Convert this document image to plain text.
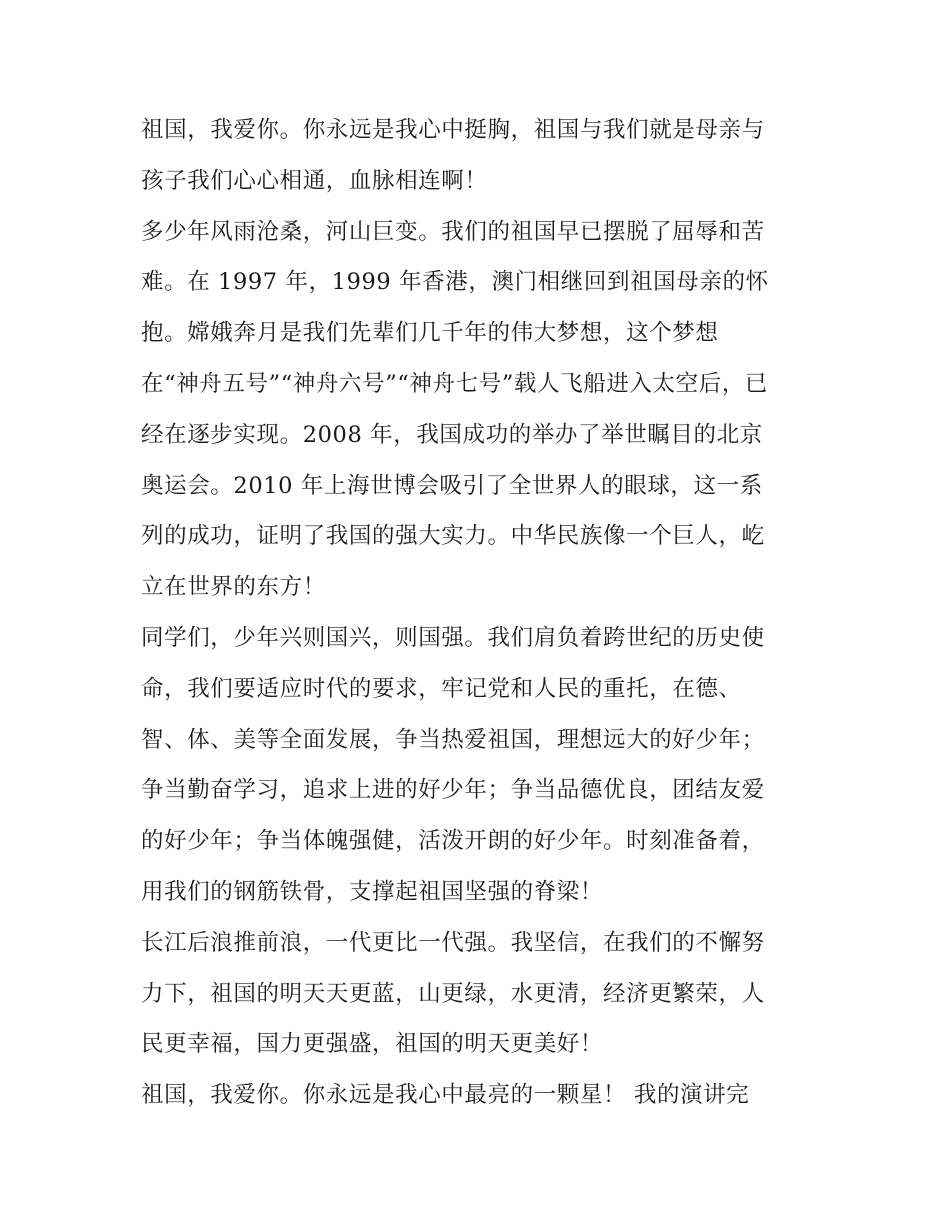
祖国，我爱你。你永远是我心中挺胸，祖国与我们就是母亲与
孩子我们心心相通，血脉相连啊！
多少年风雨沧桑，河山巨变。我们的祖国早已摆脱了屈辱和苦
难。在 1997 年，1999 年香港，澳门相继回到祖国母亲的怀
抱。嫦娥奔月是我们先辈们几千年的伟大梦想，这个梦想
在“神舟五号”“神舟六号”“神舟七号”载人飞船进入太空后，已
经在逐步实现。2008 年，我国成功的举办了举世瞩目的北京
奥运会。2010 年上海世博会吸引了全世界人的眼球，这一系
列的成功，证明了我国的强大实力。中华民族像一个巨人，屹
立在世界的东方！
同学们，少年兴则国兴，则国强。我们肩负着跨世纪的历史使
命，我们要适应时代的要求，牢记党和人民的重托，在德、
智、体、美等全面发展，争当热爱祖国，理想远大的好少年；
争当勤奋学习，追求上进的好少年；争当品德优良，团结友爱
的好少年；争当体魄强健，活泼开朗的好少年。时刻准备着，
用我们的钢筋铁骨，支撑起祖国坚强的脊梁！
长江后浪推前浪，一代更比一代强。我坚信，在我们的不懈努
力下，祖国的明天天更蓝，山更绿，水更清，经济更繁荣，人
民更幸福，国力更强盛，祖国的明天更美好！
祖国，我爱你。你永远是我心中最亮的一颗星！ 我的演讲完
